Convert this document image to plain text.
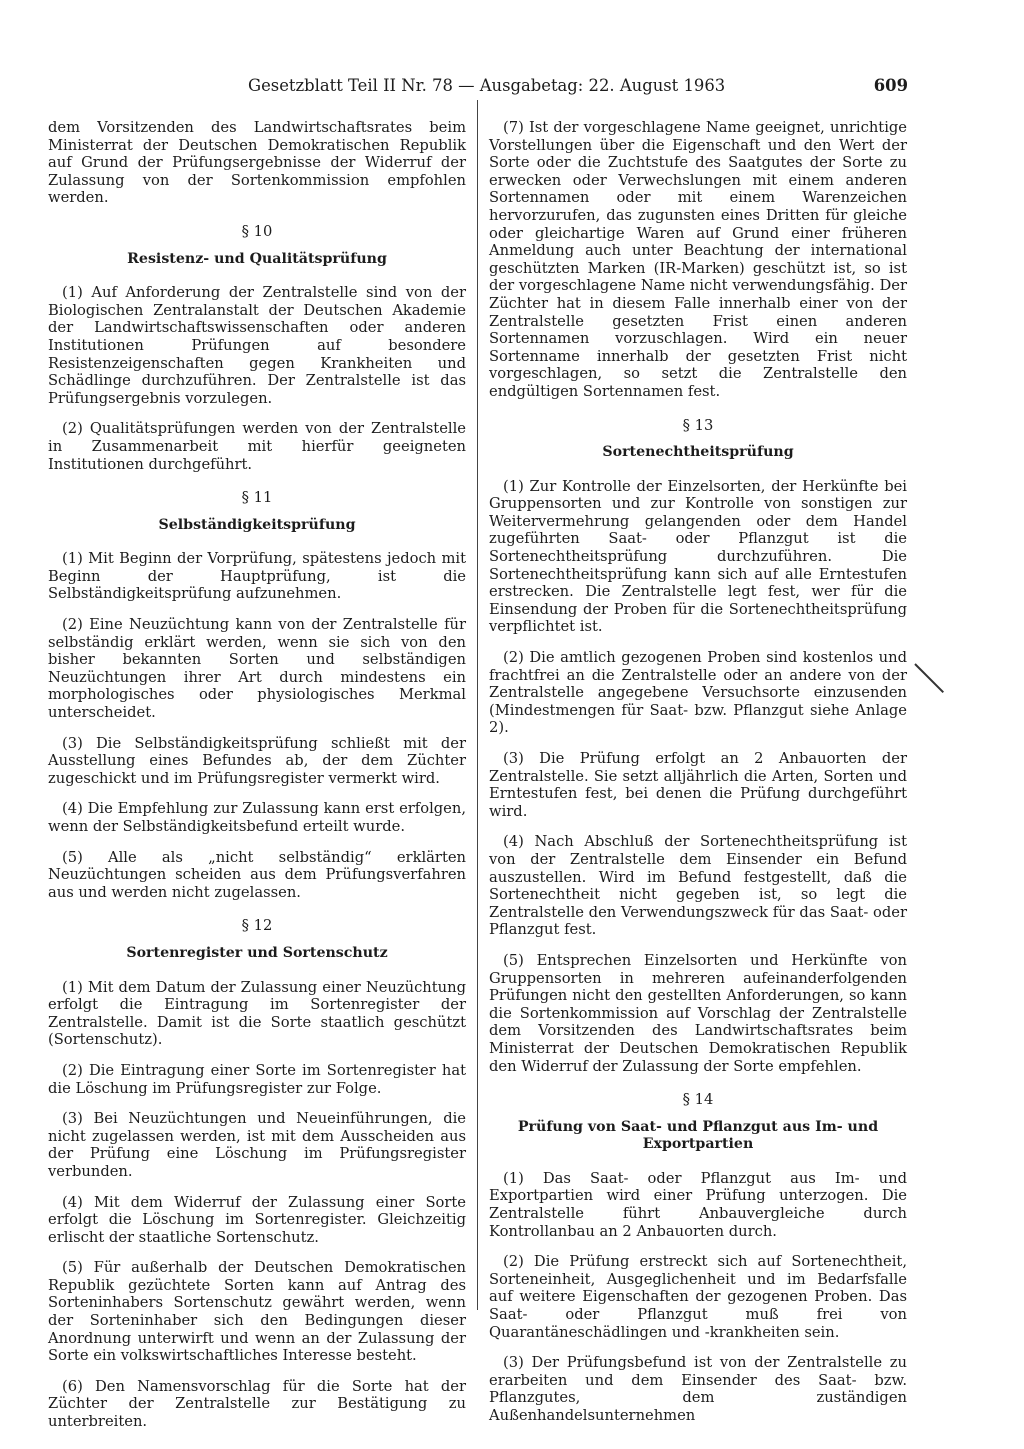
Gesetzblatt Teil II Nr. 78 — Ausgabetag: 22. August 1963	609

dem Vorsitzenden des Landwirtschaftsrates beim Ministerrat der Deutschen Demokratischen Republik auf Grund der Prüfungsergebnisse der Widerruf der Zulassung von der Sortenkommission empfohlen werden.

§ 10
Resistenz- und Qualitätsprüfung

(1) Auf Anforderung der Zentralstelle sind von der Biologischen Zentralanstalt der Deutschen Akademie der Landwirtschaftswissenschaften oder anderen Institutionen Prüfungen auf besondere Resistenzeigenschaften gegen Krankheiten und Schädlinge durchzuführen. Der Zentralstelle ist das Prüfungsergebnis vorzulegen.

(2) Qualitätsprüfungen werden von der Zentralstelle in Zusammenarbeit mit hierfür geeigneten Institutionen durchgeführt.

§ 11
Selbständigkeitsprüfung

(1) Mit Beginn der Vorprüfung, spätestens jedoch mit Beginn der Hauptprüfung, ist die Selbständigkeitsprüfung aufzunehmen.

(2) Eine Neuzüchtung kann von der Zentralstelle für selbständig erklärt werden, wenn sie sich von den bisher bekannten Sorten und selbständigen Neuzüchtungen ihrer Art durch mindestens ein morphologisches oder physiologisches Merkmal unterscheidet.

(3) Die Selbständigkeitsprüfung schließt mit der Ausstellung eines Befundes ab, der dem Züchter zugeschickt und im Prüfungsregister vermerkt wird.

(4) Die Empfehlung zur Zulassung kann erst erfolgen, wenn der Selbständigkeitsbefund erteilt wurde.

(5) Alle als „nicht selbständig“ erklärten Neuzüchtungen scheiden aus dem Prüfungsverfahren aus und werden nicht zugelassen.

§ 12
Sortenregister und Sortenschutz

(1) Mit dem Datum der Zulassung einer Neuzüchtung erfolgt die Eintragung im Sortenregister der Zentralstelle. Damit ist die Sorte staatlich geschützt (Sortenschutz).

(2) Die Eintragung einer Sorte im Sortenregister hat die Löschung im Prüfungsregister zur Folge.

(3) Bei Neuzüchtungen und Neueinführungen, die nicht zugelassen werden, ist mit dem Ausscheiden aus der Prüfung eine Löschung im Prüfungsregister verbunden.

(4) Mit dem Widerruf der Zulassung einer Sorte erfolgt die Löschung im Sortenregister. Gleichzeitig erlischt der staatliche Sortenschutz.

(5) Für außerhalb der Deutschen Demokratischen Republik gezüchtete Sorten kann auf Antrag des Sorteninhabers Sortenschutz gewährt werden, wenn der Sorteninhaber sich den Bedingungen dieser Anordnung unterwirft und wenn an der Zulassung der Sorte ein volkswirtschaftliches Interesse besteht.

(6) Den Namensvorschlag für die Sorte hat der Züchter der Zentralstelle zur Bestätigung zu unterbreiten.

(7) Ist der vorgeschlagene Name geeignet, unrichtige Vorstellungen über die Eigenschaft und den Wert der Sorte oder die Zuchtstufe des Saatgutes der Sorte zu erwecken oder Verwechslungen mit einem anderen Sortennamen oder mit einem Warenzeichen hervorzurufen, das zugunsten eines Dritten für gleiche oder gleichartige Waren auf Grund einer früheren Anmeldung auch unter Beachtung der international geschützten Marken (IR-Marken) geschützt ist, so ist der vorgeschlagene Name nicht verwendungsfähig. Der Züchter hat in diesem Falle innerhalb einer von der Zentralstelle gesetzten Frist einen anderen Sortennamen vorzuschlagen. Wird ein neuer Sortenname innerhalb der gesetzten Frist nicht vorgeschlagen, so setzt die Zentralstelle den endgültigen Sortennamen fest.

§ 13
Sortenechtheitsprüfung

(1) Zur Kontrolle der Einzelsorten, der Herkünfte bei Gruppensorten und zur Kontrolle von sonstigen zur Weitervermehrung gelangenden oder dem Handel zugeführten Saat- oder Pflanzgut ist die Sortenechtheitsprüfung durchzuführen. Die Sortenechtheitsprüfung kann sich auf alle Erntestufen erstrecken. Die Zentralstelle legt fest, wer für die Einsendung der Proben für die Sortenechtheitsprüfung verpflichtet ist.

(2) Die amtlich gezogenen Proben sind kostenlos und frachtfrei an die Zentralstelle oder an andere von der Zentralstelle angegebene Versuchsorte einzusenden (Mindestmengen für Saat- bzw. Pflanzgut siehe Anlage 2).

(3) Die Prüfung erfolgt an 2 Anbauorten der Zentralstelle. Sie setzt alljährlich die Arten, Sorten und Erntestufen fest, bei denen die Prüfung durchgeführt wird.

(4) Nach Abschluß der Sortenechtheitsprüfung ist von der Zentralstelle dem Einsender ein Befund auszustellen. Wird im Befund festgestellt, daß die Sortenechtheit nicht gegeben ist, so legt die Zentralstelle den Verwendungszweck für das Saat- oder Pflanzgut fest.

(5) Entsprechen Einzelsorten und Herkünfte von Gruppensorten in mehreren aufeinanderfolgenden Prüfungen nicht den gestellten Anforderungen, so kann die Sortenkommission auf Vorschlag der Zentralstelle dem Vorsitzenden des Landwirtschaftsrates beim Ministerrat der Deutschen Demokratischen Republik den Widerruf der Zulassung der Sorte empfehlen.

§ 14
Prüfung von Saat- und Pflanzgut aus Im- und Exportpartien

(1) Das Saat- oder Pflanzgut aus Im- und Exportpartien wird einer Prüfung unterzogen. Die Zentralstelle führt Anbauvergleiche durch Kontrollanbau an 2 Anbauorten durch.

(2) Die Prüfung erstreckt sich auf Sortenechtheit, Sorteneinheit, Ausgeglichenheit und im Bedarfsfalle auf weitere Eigenschaften der gezogenen Proben. Das Saat- oder Pflanzgut muß frei von Quarantäneschädlingen und -krankheiten sein.

(3) Der Prüfungsbefund ist von der Zentralstelle zu erarbeiten und dem Einsender des Saat- bzw. Pflanzgutes, dem zuständigen Außenhandelsunternehmen
